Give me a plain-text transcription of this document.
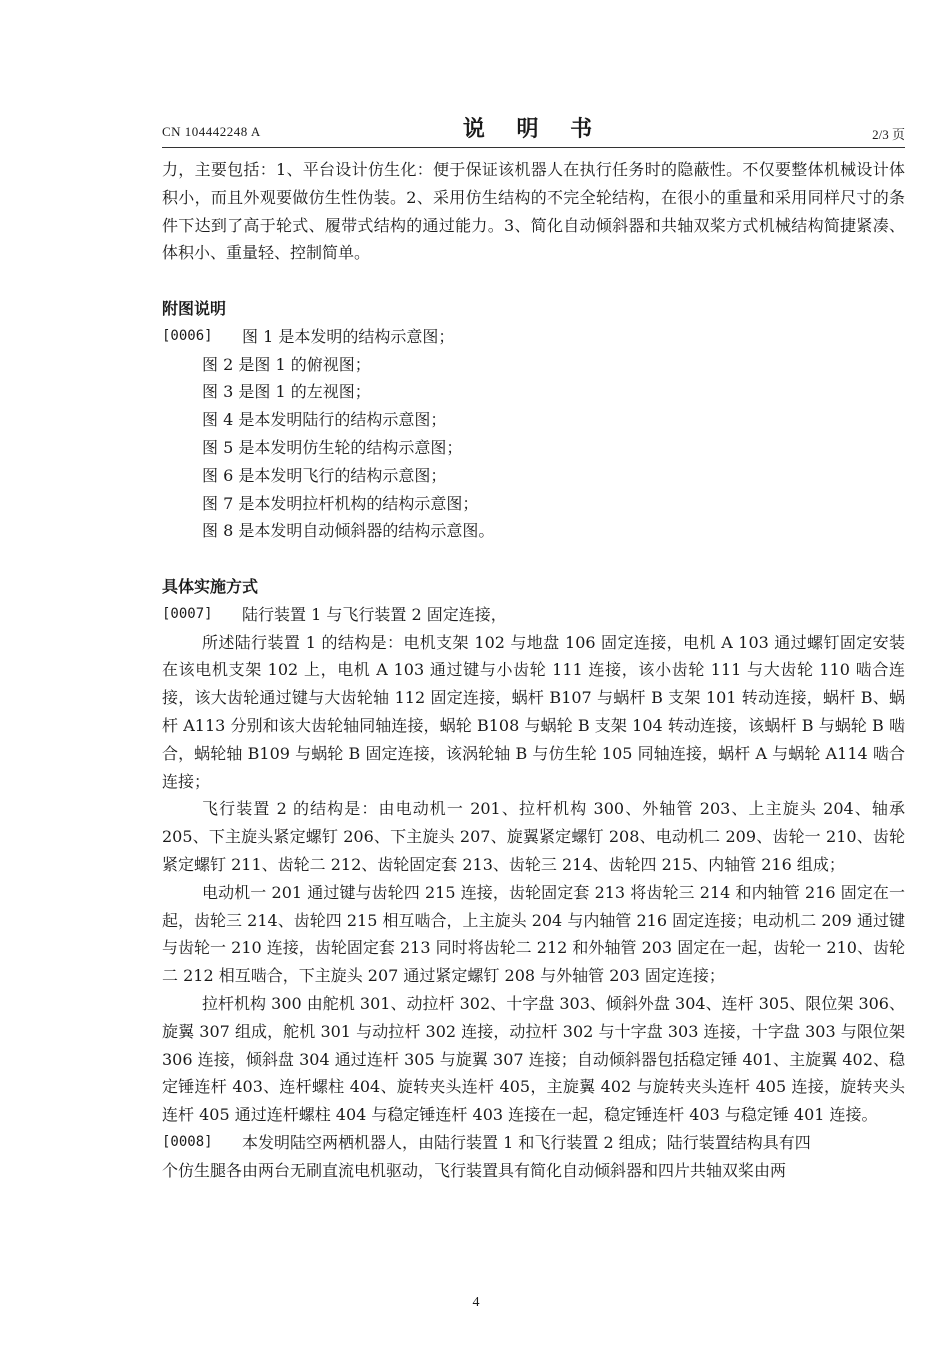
CN 104442248 A	说 明 书	2/3 页

力，主要包括：1、平台设计仿生化：便于保证该机器人在执行任务时的隐蔽性。不仅要整体机械设计体积小，而且外观要做仿生性伪装。2、采用仿生结构的不完全轮结构，在很小的重量和采用同样尺寸的条件下达到了高于轮式、履带式结构的通过能力。3、简化自动倾斜器和共轴双桨方式机械结构简捷紧凑、体积小、重量轻、控制简单。

附图说明

[0006]	图 1 是本发明的结构示意图；

图 2 是图 1 的俯视图；

图 3 是图 1 的左视图；

图 4 是本发明陆行的结构示意图；

图 5 是本发明仿生轮的结构示意图；

图 6 是本发明飞行的结构示意图；

图 7 是本发明拉杆机构的结构示意图；

图 8 是本发明自动倾斜器的结构示意图。

具体实施方式

[0007]	陆行装置 1 与飞行装置 2 固定连接，

所述陆行装置 1 的结构是：电机支架 102 与地盘 106 固定连接，电机 A 103 通过螺钉固定安装在该电机支架 102 上，电机 A 103 通过键与小齿轮 111 连接，该小齿轮 111 与大齿轮 110 啮合连接，该大齿轮通过键与大齿轮轴 112 固定连接，蜗杆 B107 与蜗杆 B 支架 101 转动连接，蜗杆 B、蜗杆 A113 分别和该大齿轮轴同轴连接，蜗轮 B108 与蜗轮 B 支架 104 转动连接，该蜗杆 B 与蜗轮 B 啮合，蜗轮轴 B109 与蜗轮 B 固定连接，该涡轮轴 B 与仿生轮 105 同轴连接，蜗杆 A 与蜗轮 A114 啮合连接；

飞行装置 2 的结构是：由电动机一 201、拉杆机构 300、外轴管 203、上主旋头 204、轴承 205、下主旋头紧定螺钉 206、下主旋头 207、旋翼紧定螺钉 208、电动机二 209、齿轮一 210、齿轮紧定螺钉 211、齿轮二 212、齿轮固定套 213、齿轮三 214、齿轮四 215、内轴管 216 组成；

电动机一 201 通过键与齿轮四 215 连接，齿轮固定套 213 将齿轮三 214 和内轴管 216 固定在一起，齿轮三 214、齿轮四 215 相互啮合，上主旋头 204 与内轴管 216 固定连接；电动机二 209 通过键与齿轮一 210 连接，齿轮固定套 213 同时将齿轮二 212 和外轴管 203 固定在一起，齿轮一 210、齿轮二 212 相互啮合，下主旋头 207 通过紧定螺钉 208 与外轴管 203 固定连接；

拉杆机构 300 由舵机 301、动拉杆 302、十字盘 303、倾斜外盘 304、连杆 305、限位架 306、旋翼 307 组成，舵机 301 与动拉杆 302 连接，动拉杆 302 与十字盘 303 连接，十字盘 303 与限位架 306 连接，倾斜盘 304 通过连杆 305 与旋翼 307 连接；自动倾斜器包括稳定锤 401、主旋翼 402、稳定锤连杆 403、连杆螺柱 404、旋转夹头连杆 405，主旋翼 402 与旋转夹头连杆 405 连接，旋转夹头连杆 405 通过连杆螺柱 404 与稳定锤连杆 403 连接在一起，稳定锤连杆 403 与稳定锤 401 连接。

[0008]	本发明陆空两栖机器人，由陆行装置 1 和飞行装置 2 组成；陆行装置结构具有四

个仿生腿各由两台无刷直流电机驱动，飞行装置具有简化自动倾斜器和四片共轴双桨由两

4
